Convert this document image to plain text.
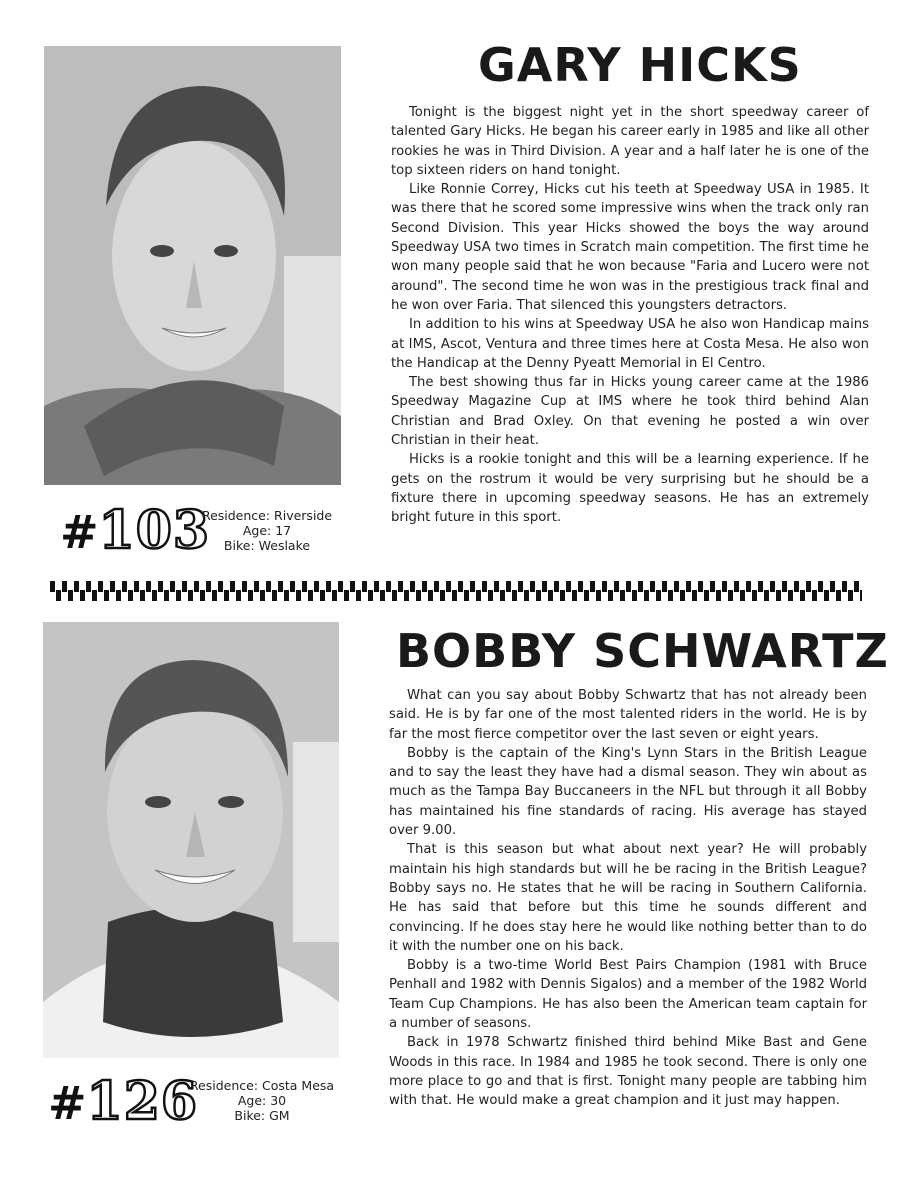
GARY HICKS

Tonight is the biggest night yet in the short speedway career of talented Gary Hicks. He began his career early in 1985 and like all other rookies he was in Third Division. A year and a half later he is one of the top sixteen riders on hand tonight.

Like Ronnie Correy, Hicks cut his teeth at Speedway USA in 1985. It was there that he scored some impressive wins when the track only ran Second Division. This year Hicks showed the boys the way around Speedway USA two times in Scratch main competition. The first time he won many people said that he won because "Faria and Lucero were not around". The second time he won was in the prestigious track final and he won over Faria. That silenced this youngsters detractors.

In addition to his wins at Speedway USA he also won Handicap mains at IMS, Ascot, Ventura and three times here at Costa Mesa. He also won the Handicap at the Denny Pyeatt Memorial in El Centro.

The best showing thus far in Hicks young career came at the 1986 Speedway Magazine Cup at IMS where he took third behind Alan Christian and Brad Oxley. On that evening he posted a win over Christian in their heat.

Hicks is a rookie tonight and this will be a learning experience. If he gets on the rostrum it would be very surprising but he should be a fixture there in upcoming speedway seasons. He has an extremely bright future in this sport.

#103
Residence: Riverside
Age: 17
Bike: Weslake
BOBBY SCHWARTZ

What can you say about Bobby Schwartz that has not already been said. He is by far one of the most talented riders in the world. He is by far the most fierce competitor over the last seven or eight years.

Bobby is the captain of the King's Lynn Stars in the British League and to say the least they have had a dismal season. They win about as much as the Tampa Bay Buccaneers in the NFL but through it all Bobby has maintained his fine standards of racing. His average has stayed over 9.00.

That is this season but what about next year? He will probably maintain his high standards but will he be racing in the British League? Bobby says no. He states that he will be racing in Southern California. He has said that before but this time he sounds different and convincing. If he does stay here he would like nothing better than to do it with the number one on his back.

Bobby is a two-time World Best Pairs Champion (1981 with Bruce Penhall and 1982 with Dennis Sigalos) and a member of the 1982 World Team Cup Champions. He has also been the American team captain for a number of seasons.

Back in 1978 Schwartz finished third behind Mike Bast and Gene Woods in this race. In 1984 and 1985 he took second. There is only one more place to go and that is first. Tonight many people are tabbing him with that. He would make a great champion and it just may happen.

#126
Residence: Costa Mesa
Age: 30
Bike: GM
